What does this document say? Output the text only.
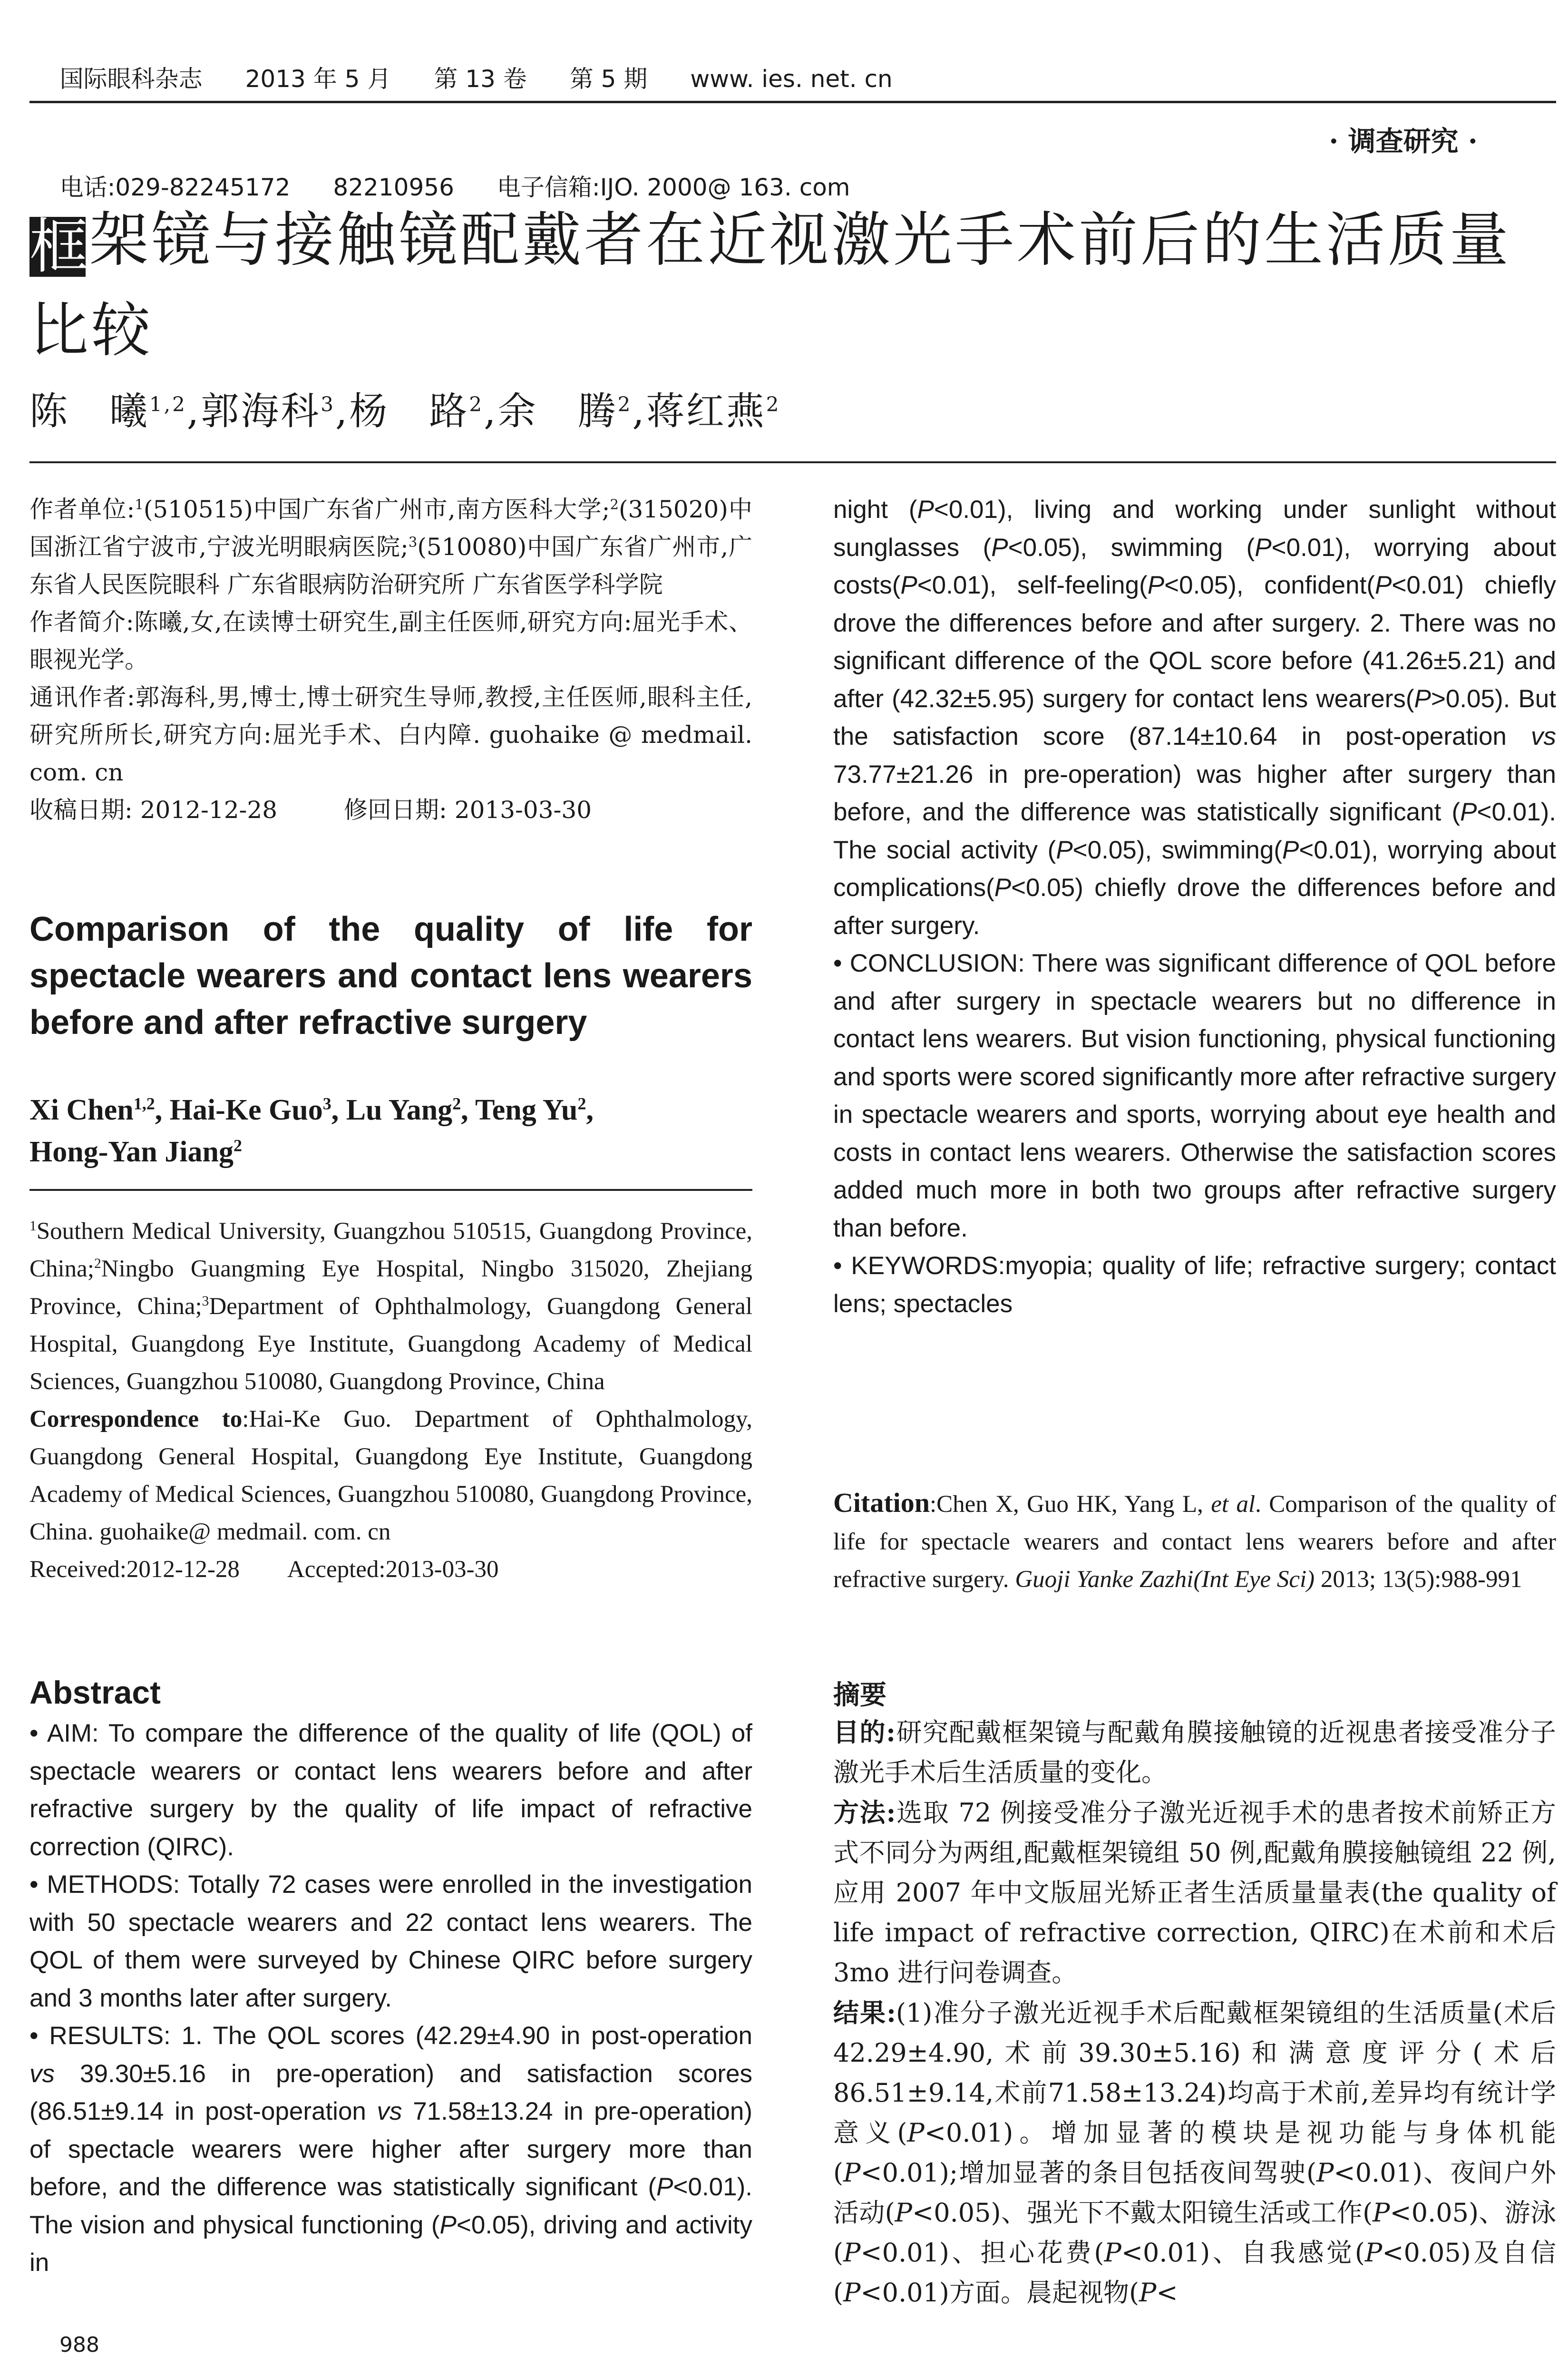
国际眼科杂志 2013 年 5 月 第 13 卷 第 5 期 www. ies. net. cn

电话:029-82245172 82210956 电子信箱:IJO. 2000@ 163. com

· 调查研究 ·
框架镜与接触镜配戴者在近视激光手术前后的生活质量
比较
陈　曦$^{1,2}$,郭海科$^3$,杨　路$^2$,余　腾$^2$,蒋红燕$^2$

作者单位:$^1$(510515)中国广东省广州市,南方医科大学;$^2$(315020)中国浙江省宁波市,宁波光明眼病医院;$^3$(510080)中国广东省广州市,广东省人民医院眼科 广东省眼病防治研究所 广东省医学科学院

作者简介:陈曦,女,在读博士研究生,副主任医师,研究方向:屈光手术、眼视光学。

通讯作者:郭海科,男,博士,博士研究生导师,教授,主任医师,眼科主任,研究所所长,研究方向:屈光手术、白内障. guohaike @ medmail. com. cn

收稿日期: 2012-12-28	修回日期: 2013-03-30

Comparison of the quality of life for spectacle wearers and contact lens wearers before and after refractive surgery
Xi Chen$^{1,2}$, Hai-Ke Guo$^3$, Lu Yang$^2$, Teng Yu$^2$,
Hong-Yan Jiang$^2$

$^1$Southern Medical University, Guangzhou 510515, Guangdong Province, China;$^2$Ningbo Guangming Eye Hospital, Ningbo 315020, Zhejiang Province, China;$^3$Department of Ophthalmology, Guangdong General Hospital, Guangdong Eye Institute, Guangdong Academy of Medical Sciences, Guangzhou 510080, Guangdong Province, China

Correspondence to:Hai-Ke Guo. Department of Ophthalmology, Guangdong General Hospital, Guangdong Eye Institute, Guangdong Academy of Medical Sciences, Guangzhou 510080, Guangdong Province, China. guohaike@ medmail. com. cn

Received:2012-12-28 Accepted:2013-03-30

Abstract

• AIM: To compare the difference of the quality of life (QOL) of spectacle wearers or contact lens wearers before and after refractive surgery by the quality of life impact of refractive correction (QIRC).

• METHODS: Totally 72 cases were enrolled in the investigation with 50 spectacle wearers and 22 contact lens wearers. The QOL of them were surveyed by Chinese QIRC before surgery and 3 months later after surgery.

• RESULTS: 1. The QOL scores (42.29±4.90 in post-operation vs 39.30±5.16 in pre-operation) and satisfaction scores (86.51±9.14 in post-operation vs 71.58±13.24 in pre-operation) of spectacle wearers were higher after surgery more than before, and the difference was statistically significant (P<0.01). The vision and physical functioning (P<0.05), driving and activity in

night (P<0.01), living and working under sunlight without sunglasses (P<0.05), swimming (P<0.01), worrying about costs(P<0.01), self-feeling(P<0.05), confident(P<0.01) chiefly drove the differences before and after surgery. 2. There was no significant difference of the QOL score before (41.26±5.21) and after (42.32±5.95) surgery for contact lens wearers(P>0.05). But the satisfaction score (87.14±10.64 in post-operation vs 73.77±21.26 in pre-operation) was higher after surgery than before, and the difference was statistically significant (P<0.01). The social activity (P<0.05), swimming(P<0.01), worrying about complications(P<0.05) chiefly drove the differences before and after surgery.

• CONCLUSION: There was significant difference of QOL before and after surgery in spectacle wearers but no difference in contact lens wearers. But vision functioning, physical functioning and sports were scored significantly more after refractive surgery in spectacle wearers and sports, worrying about eye health and costs in contact lens wearers. Otherwise the satisfaction scores added much more in both two groups after refractive surgery than before.

• KEYWORDS:myopia; quality of life; refractive surgery; contact lens; spectacles

Citation:Chen X, Guo HK, Yang L, et al. Comparison of the quality of life for spectacle wearers and contact lens wearers before and after refractive surgery. Guoji Yanke Zazhi(Int Eye Sci) 2013; 13(5):988-991

摘要

目的:研究配戴框架镜与配戴角膜接触镜的近视患者接受准分子激光手术后生活质量的变化。

方法:选取 72 例接受准分子激光近视手术的患者按术前矫正方式不同分为两组,配戴框架镜组 50 例,配戴角膜接触镜组 22 例,应用 2007 年中文版屈光矫正者生活质量量表(the quality of life impact of refractive correction, QIRC)在术前和术后 3mo 进行问卷调查。

结果:(1)准分子激光近视手术后配戴框架镜组的生活质量(术后42.29±4.90,术前39.30±5.16)和满意度评分(术后86.51±9.14,术前71.58±13.24)均高于术前,差异均有统计学意义(P<0.01)。增加显著的模块是视功能与身体机能(P<0.01);增加显著的条目包括夜间驾驶(P<0.01)、夜间户外活动(P<0.05)、强光下不戴太阳镜生活或工作(P<0.05)、游泳(P<0.01)、担心花费(P<0.01)、自我感觉(P<0.05)及自信(P<0.01)方面。晨起视物(P<

988
